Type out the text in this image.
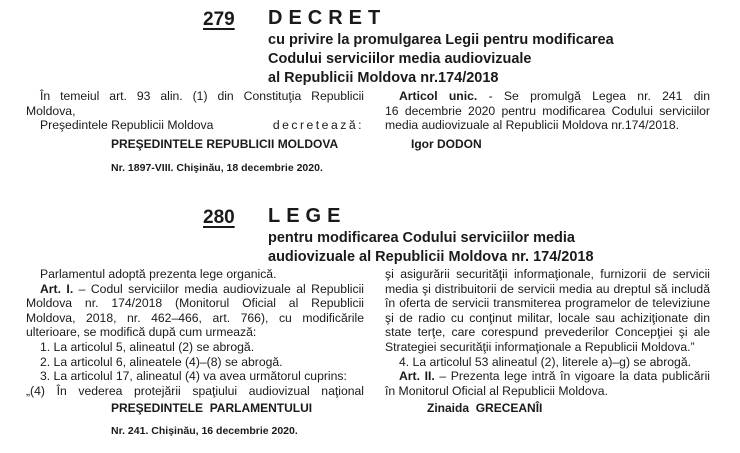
279 DECRET
cu privire la promulgarea Legii pentru modificarea
Codului serviciilor media audiovizuale
al Republicii Moldova nr.174/2018
În temeiul art. 93 alin. (1) din Constituţia Republicii
Moldova,
Preşedintele Republicii Moldova	decretează:
Articol unic. - Se promulgă Legea nr. 241 din
16 decembrie 2020 pentru modificarea Codului serviciilor
media audiovizuale al Republicii Moldova nr.174/2018.
PREŞEDINTELE REPUBLICII MOLDOVA	Igor DODON
Nr. 1897-VIII. Chişinău, 18 decembrie 2020.
280 LEGE
pentru modificarea Codului serviciilor media
audiovizuale al Republicii Moldova nr. 174/2018
Parlamentul adoptă prezenta lege organică.
Art. I. – Codul serviciilor media audiovizuale al Republicii
Moldova nr. 174/2018 (Monitorul Oficial al Republicii
Moldova, 2018, nr. 462–466, art. 766), cu modificările
ulterioare, se modifică după cum urmează:
1. La articolul 5, alineatul (2) se abrogă.
2. La articolul 6, alineatele (4)–(8) se abrogă.
3. La articolul 17, alineatul (4) va avea următorul cuprins:
„(4) În vederea protejării spaţiului audiovizual naţional
şi asigurării securităţii informaţionale, furnizorii de servicii
media şi distribuitorii de servicii media au dreptul să includă
în oferta de servicii transmiterea programelor de televiziune
şi de radio cu conţinut militar, locale sau achiziţionate din
state terţe, care corespund prevederilor Concepţiei şi ale
Strategiei securităţii informaţionale a Republicii Moldova.”
4. La articolul 53 alineatul (2), literele a)–g) se abrogă.
Art. II. – Prezenta lege intră în vigoare la data publicării
în Monitorul Oficial al Republicii Moldova.
PREŞEDINTELE PARLAMENTULUI	Zinaida GRECEANÎI
Nr. 241. Chişinău, 16 decembrie 2020.
